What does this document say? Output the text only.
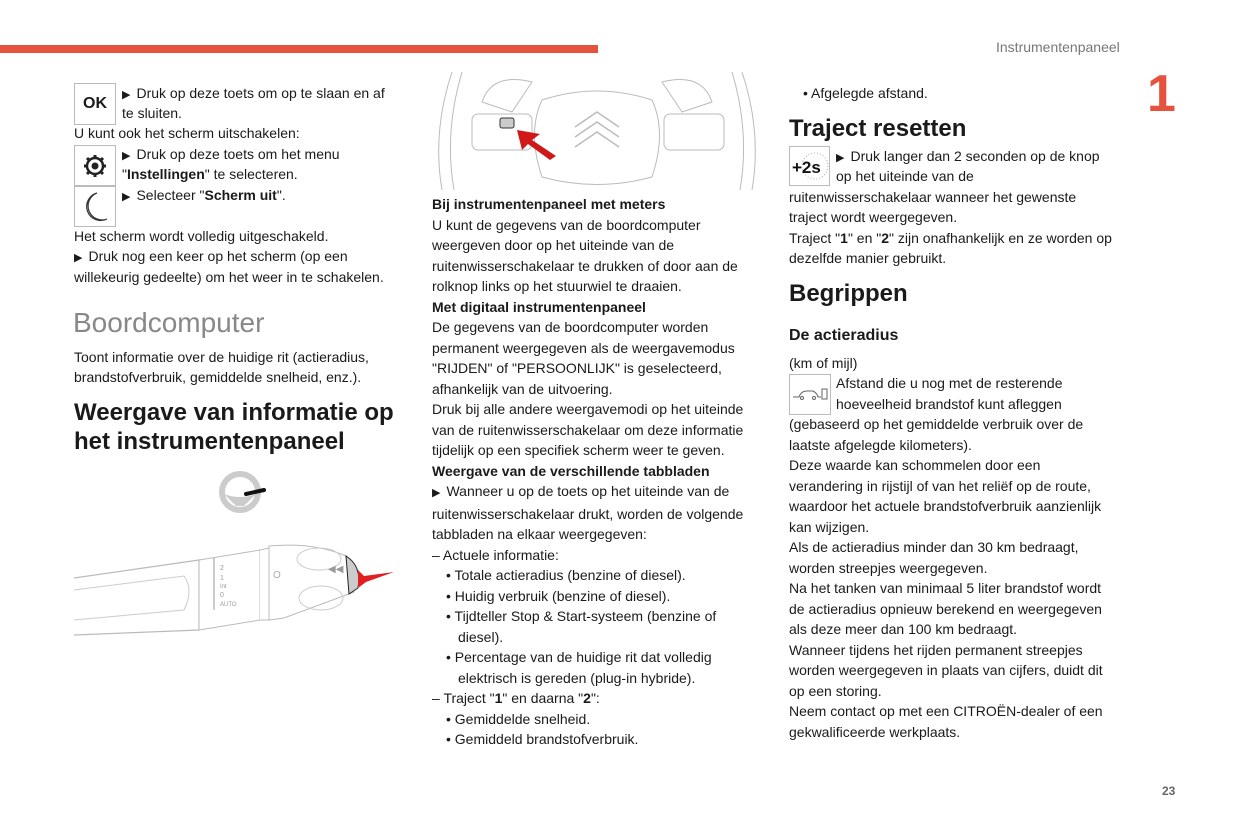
Instrumentenpaneel
1
23
OK ▶ Druk op deze toets om op te slaan en af
te sluiten.
U kunt ook het scherm uitschakelen:
▶ Druk op deze toets om het menu
"Instellingen" te selecteren.
▶ Selecteer "Scherm uit".
Het scherm wordt volledig uitgeschakeld.
▶ Druk nog een keer op het scherm (op een
willekeurig gedeelte) om het weer in te schakelen.
Boordcomputer
Toont informatie over de huidige rit (actieradius,
brandstofverbruik, gemiddelde snelheid, enz.).
Weergave van informatie op
het instrumentenpaneel
2
1
Int
0
AUTO
◀◀
O
Bij instrumentenpaneel met meters
U kunt de gegevens van de boordcomputer
weergeven door op het uiteinde van de
ruitenwisserschakelaar te drukken of door aan de
rolknop links op het stuurwiel te draaien.
Met digitaal instrumentenpaneel
De gegevens van de boordcomputer worden
permanent weergegeven als de weergavemodus
"RIJDEN" of "PERSOONLIJK" is geselecteerd,
afhankelijk van de uitvoering.
Druk bij alle andere weergavemodi op het uiteinde
van de ruitenwisserschakelaar om deze informatie
tijdelijk op een specifiek scherm weer te geven.
Weergave van de verschillende tabbladen
▶ Wanneer u op de toets op het uiteinde van de
ruitenwisserschakelaar drukt, worden de volgende
tabbladen na elkaar weergegeven:
– Actuele informatie:
• Totale actieradius (benzine of diesel).
• Huidig verbruik (benzine of diesel).
• Tijdteller Stop & Start-systeem (benzine of
diesel).
• Percentage van de huidige rit dat volledig
elektrisch is gereden (plug-in hybride).
– Traject "1" en daarna "2":
• Gemiddelde snelheid.
• Gemiddeld brandstofverbruik.
• Afgelegde afstand.
Traject resetten
+2s ▶ Druk langer dan 2 seconden op de knop
op het uiteinde van de
ruitenwisserschakelaar wanneer het gewenste
traject wordt weergegeven.
Traject "1" en "2" zijn onafhankelijk en ze worden op
dezelfde manier gebruikt.
Begrippen
De actieradius
(km of mijl)
Afstand die u nog met de resterende
hoeveelheid brandstof kunt afleggen
(gebaseerd op het gemiddelde verbruik over de
laatste afgelegde kilometers).
Deze waarde kan schommelen door een
verandering in rijstijl of van het reliëf op de route,
waardoor het actuele brandstofverbruik aanzienlijk
kan wijzigen.
Als de actieradius minder dan 30 km bedraagt,
worden streepjes weergegeven.
Na het tanken van minimaal 5 liter brandstof wordt
de actieradius opnieuw berekend en weergegeven
als deze meer dan 100 km bedraagt.
Wanneer tijdens het rijden permanent streepjes
worden weergegeven in plaats van cijfers, duidt dit
op een storing.
Neem contact op met een CITROËN-dealer of een
gekwalificeerde werkplaats.
